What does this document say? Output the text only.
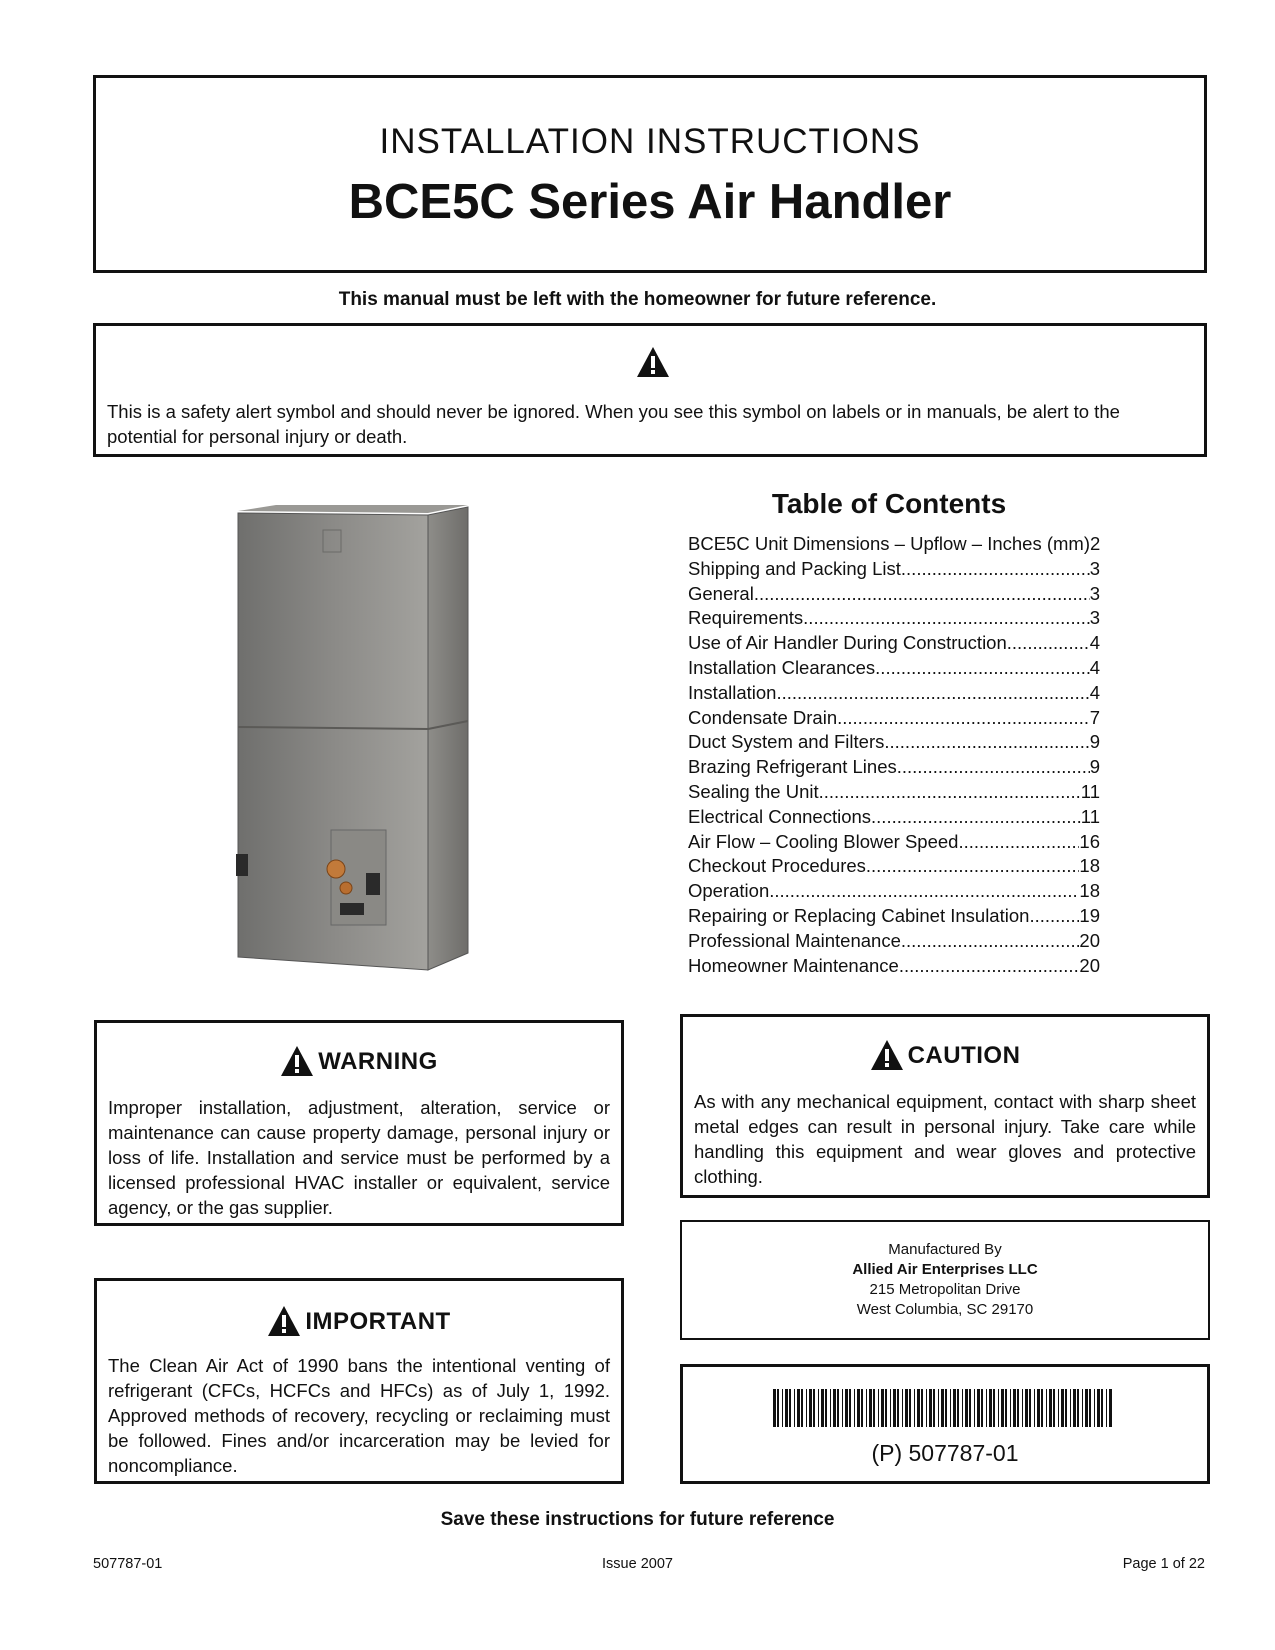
INSTALLATION INSTRUCTIONS
BCE5C Series Air Handler
This manual must be left with the homeowner for future reference.
This is a safety alert symbol and should never be ignored. When you see this symbol on labels or in manuals, be alert to the potential for personal injury or death.
Table of Contents
BCE5C Unit Dimensions – Upflow – Inches (mm) 2
Shipping and Packing List .....	3
General .....	3
Requirements .....	3
Use of Air Handler During Construction .....	4
Installation Clearances .....	4
Installation .....	4
Condensate Drain .....	7
Duct System and Filters .....	9
Brazing Refrigerant Lines .....	9
Sealing the Unit .....	11
Electrical Connections .....	11
Air Flow – Cooling Blower Speed .....	16
Checkout Procedures .....	18
Operation .....	18
Repairing or Replacing Cabinet Insulation .....	19
Professional Maintenance .....	20
Homeowner Maintenance .....	20
WARNING
Improper installation, adjustment, alteration, service or maintenance can cause property damage, personal injury or loss of life. Installation and service must be performed by a licensed professional HVAC installer or equivalent, service agency, or the gas supplier.
CAUTION
As with any mechanical equipment, contact with sharp sheet metal edges can result in personal injury. Take care while handling this equipment and wear gloves and protective clothing.
Manufactured By
Allied Air Enterprises LLC
215 Metropolitan Drive
West Columbia, SC 29170
IMPORTANT
The Clean Air Act of 1990 bans the intentional venting of refrigerant (CFCs, HCFCs and HFCs) as of July 1, 1992. Approved methods of recovery, recycling or reclaiming must be followed. Fines and/or incarceration may be levied for noncompliance.	(P) 507787-01
Save these instructions for future reference
507787-01	Issue 2007	Page 1 of 22
